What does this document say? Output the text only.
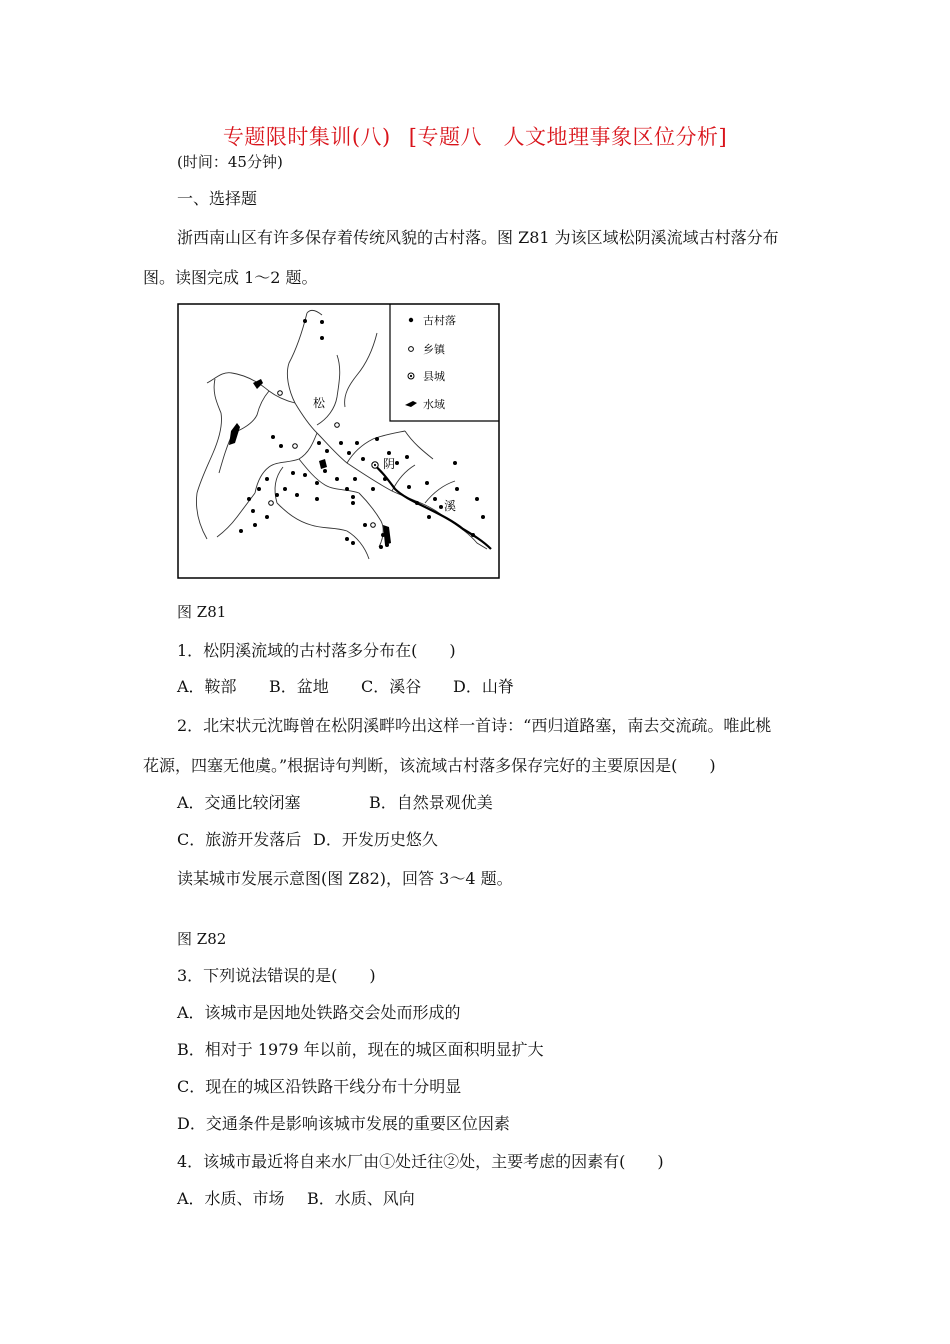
专题限时集训(八) [专题八　人文地理事象区位分析]
(时间：45分钟)
一、选择题
浙西南山区有许多保存着传统风貌的古村落。图 Z81 为该区域松阴溪流域古村落分布
图。读图完成 1～2 题。
古村落
乡镇
县城
水域
松
阴
溪
图 Z81
1．松阴溪流域的古村落多分布在(　　)
A．鞍部 B．盆地 C．溪谷 D．山脊
2．北宋状元沈晦曾在松阴溪畔吟出这样一首诗：“西归道路塞，南去交流疏。唯此桃
花源，四塞无他虞。”根据诗句判断，该流域古村落多保存完好的主要原因是(　　)
A．交通比较闭塞	B．自然景观优美
C．旅游开发落后 D．开发历史悠久
读某城市发展示意图(图 Z82)，回答 3～4 题。
图 Z82
3．下列说法错误的是(　　)
A．该城市是因地处铁路交会处而形成的
B．相对于 1979 年以前，现在的城区面积明显扩大
C．现在的城区沿铁路干线分布十分明显
D．交通条件是影响该城市发展的重要区位因素
4．该城市最近将自来水厂由①处迁往②处，主要考虑的因素有(　　)
A．水质、市场 B．水质、风向
